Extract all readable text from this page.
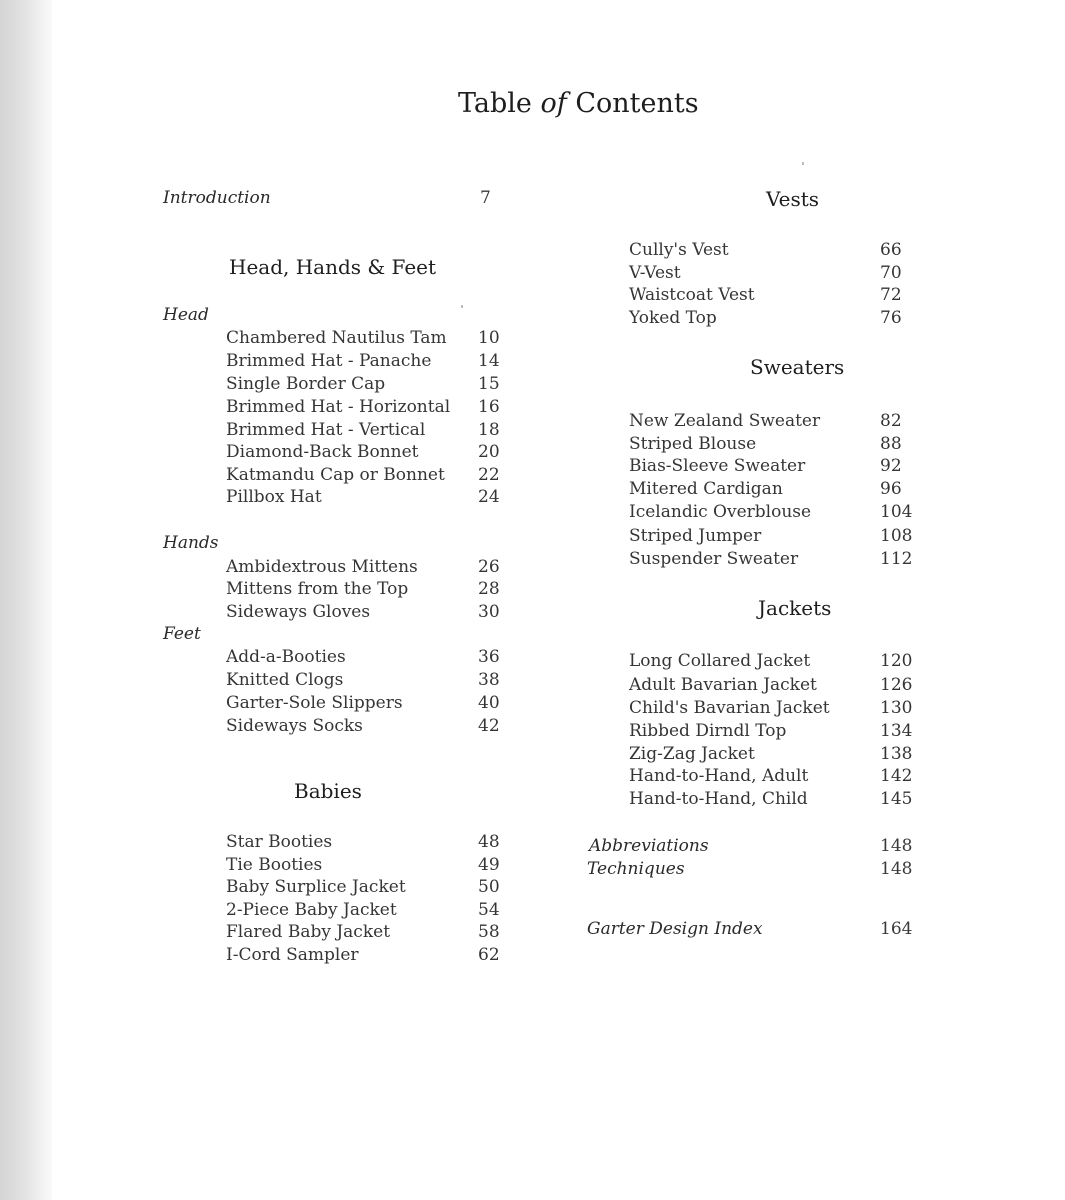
Table of Contents
Introduction	7
Head, Hands & Feet
Head
Chambered Nautilus Tam 10
Brimmed Hat - Panache	14
Single Border Cap	15
Brimmed Hat - Horizontal 16
Brimmed Hat - Vertical	18
Diamond-Back Bonnet	20
Katmandu Cap or Bonnet 22
Pillbox Hat	24
Hands
Ambidextrous Mittens	26
Mittens from the Top	28
Sideways Gloves	30
Feet
Add-a-Booties	36
Knitted Clogs	38
Garter-Sole Slippers	40
Sideways Socks	42
Babies
Star Booties	48
Tie Booties	49
Baby Surplice Jacket	50
2-Piece Baby Jacket	54
Flared Baby Jacket	58
I-Cord Sampler	62
Vests
Cully's Vest	66
V-Vest	70
Waistcoat Vest	72
Yoked Top	76
Sweaters
New Zealand Sweater	82
Striped Blouse	88
Bias-Sleeve Sweater	92
Mitered Cardigan	96
Icelandic Overblouse	104
Striped Jumper	108
Suspender Sweater	112
Jackets
Long Collared Jacket	120
Adult Bavarian Jacket	126
Child's Bavarian Jacket	130
Ribbed Dirndl Top	134
Zig-Zag Jacket	138
Hand-to-Hand, Adult	142
Hand-to-Hand, Child	145
Abbreviations	148
Techniques	148
Garter Design Index	164
